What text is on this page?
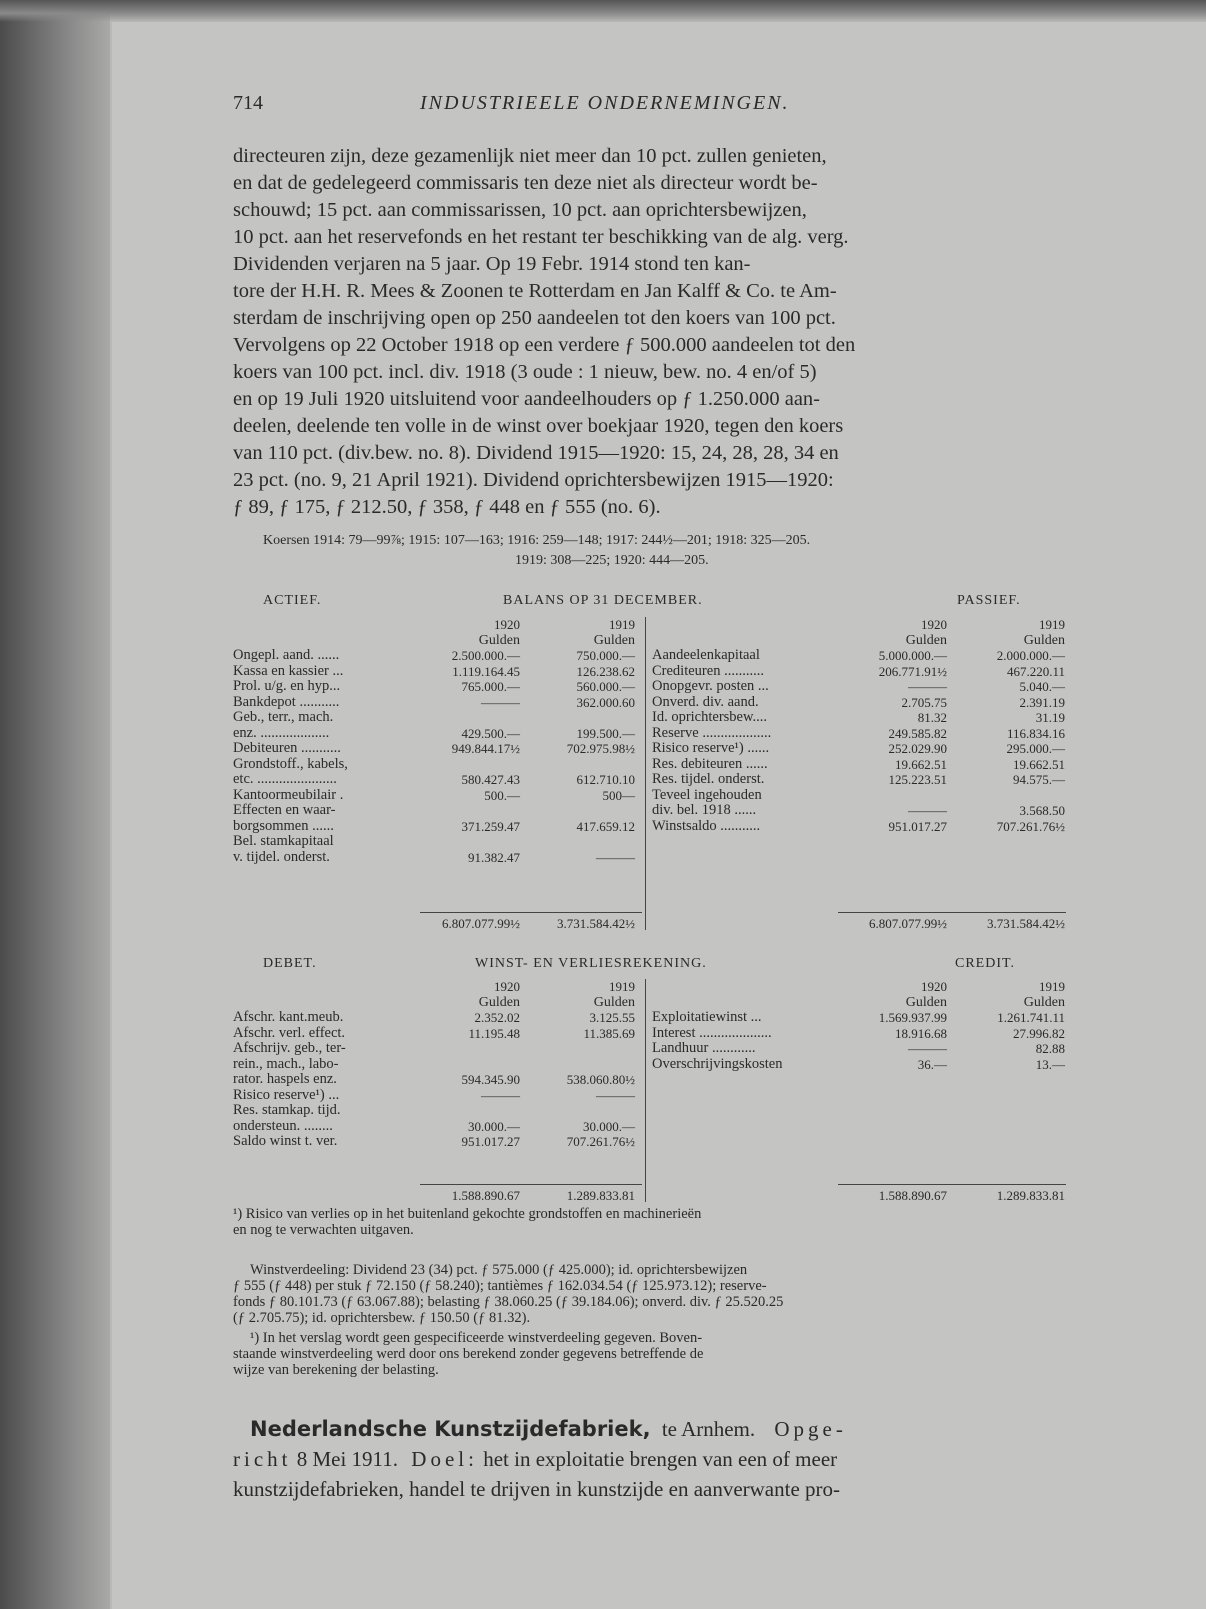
714	INDUSTRIEELE ONDERNEMINGEN.
directeuren zijn, deze gezamenlijk niet meer dan 10 pct. zullen genieten,
en dat de gedelegeerd commissaris ten deze niet als directeur wordt be-
schouwd; 15 pct. aan commissarissen, 10 pct. aan oprichtersbewijzen,
10 pct. aan het reservefonds en het restant ter beschikking van de alg. verg.
Dividenden verjaren na 5 jaar. Op 19 Febr. 1914 stond ten kan-
tore der H.H. R. Mees & Zoonen te Rotterdam en Jan Kalff & Co. te Am-
sterdam de inschrijving open op 250 aandeelen tot den koers van 100 pct.
Vervolgens op 22 October 1918 op een verdere ƒ 500.000 aandeelen tot den
koers van 100 pct. incl. div. 1918 (3 oude : 1 nieuw, bew. no. 4 en/of 5)
en op 19 Juli 1920 uitsluitend voor aandeelhouders op ƒ 1.250.000 aan-
deelen, deelende ten volle in de winst over boekjaar 1920, tegen den koers
van 110 pct. (div.bew. no. 8). Dividend 1915—1920: 15, 24, 28, 28, 34 en
23 pct. (no. 9, 21 April 1921). Dividend oprichtersbewijzen 1915—1920:
ƒ 89, ƒ 175, ƒ 212.50, ƒ 358, ƒ 448 en ƒ 555 (no. 6).
Koersen 1914: 79—99⅞; 1915: 107—163; 1916: 259—148; 1917: 244½—201; 1918: 325—205.
1919: 308—225; 1920: 444—205.
ACTIEF.	BALANS OP 31 DECEMBER.	PASSIEF.
1920	1919
Gulden	Gulden
1920	1919
Gulden	Gulden
Ongepl. aand. ......	2.500.000.—	750.000.—
Kassa en kassier ...	1.119.164.45	126.238.62
Prol. u/g. en hyp...	765.000.—	560.000.—
Bankdepot ...........	———	362.000.60
Geb., terr., mach.
enz. ...................	429.500.—	199.500.—
Debiteuren ...........	949.844.17½	702.975.98½
Grondstoff., kabels,
etc. ......................	580.427.43	612.710.10
Kantoormeubilair .	500.—	500—
Effecten en waar-
borgsommen ......	371.259.47	417.659.12
Bel. stamkapitaal
v. tijdel. onderst.	91.382.47	———
Aandeelenkapitaal	5.000.000.—	2.000.000.—
Crediteuren ...........	206.771.91½	467.220.11
Onopgevr. posten ...	———	5.040.—
Onverd. div. aand.	2.705.75	2.391.19
Id. oprichtersbew....	81.32	31.19
Reserve ...................	249.585.82	116.834.16
Risico reserve¹) ......	252.029.90	295.000.—
Res. debiteuren ......	19.662.51	19.662.51
Res. tijdel. onderst.	125.223.51	94.575.—
Teveel ingehouden
div. bel. 1918 ......	———	3.568.50
Winstsaldo ...........	951.017.27	707.261.76½
6.807.077.99½	3.731.584.42½	6.807.077.99½	3.731.584.42½
DEBET.	WINST- EN VERLIESREKENING.	CREDIT.
1920	1919
Gulden	Gulden
1920	1919
Gulden	Gulden
Afschr. kant.meub.	2.352.02	3.125.55
Afschr. verl. effect.	11.195.48	11.385.69
Afschrijv. geb., ter-
rein., mach., labo-
rator. haspels enz.	594.345.90	538.060.80½
Risico reserve¹) ...	———	———
Res. stamkap. tijd.
ondersteun. ........	30.000.—	30.000.—
Saldo winst t. ver.	951.017.27	707.261.76½
Exploitatiewinst ...	1.569.937.99	1.261.741.11
Interest ....................	18.916.68	27.996.82
Landhuur ............	———	82.88
Overschrijvingskosten	36.—	13.—
1.588.890.67	1.289.833.81	1.588.890.67	1.289.833.81
¹) Risico van verlies op in het buitenland gekochte grondstoffen en machinerieën
en nog te verwachten uitgaven.
Winstverdeeling: Dividend 23 (34) pct. ƒ 575.000 (ƒ 425.000); id. oprichtersbewijzen
ƒ 555 (ƒ 448) per stuk ƒ 72.150 (ƒ 58.240); tantièmes ƒ 162.034.54 (ƒ 125.973.12); reserve-
fonds ƒ 80.101.73 (ƒ 63.067.88); belasting ƒ 38.060.25 (ƒ 39.184.06); onverd. div. ƒ 25.520.25
(ƒ 2.705.75); id. oprichtersbew. ƒ 150.50 (ƒ 81.32).
¹) In het verslag wordt geen gespecificeerde winstverdeeling gegeven. Boven-
staande winstverdeeling werd door ons berekend zonder gegevens betreffende de
wijze van berekening der belasting.
Nederlandsche Kunstzijdefabriek, te Arnhem. Opge-
richt 8 Mei 1911. Doel: het in exploitatie brengen van een of meer
kunstzijdefabrieken, handel te drijven in kunstzijde en aanverwante pro-
